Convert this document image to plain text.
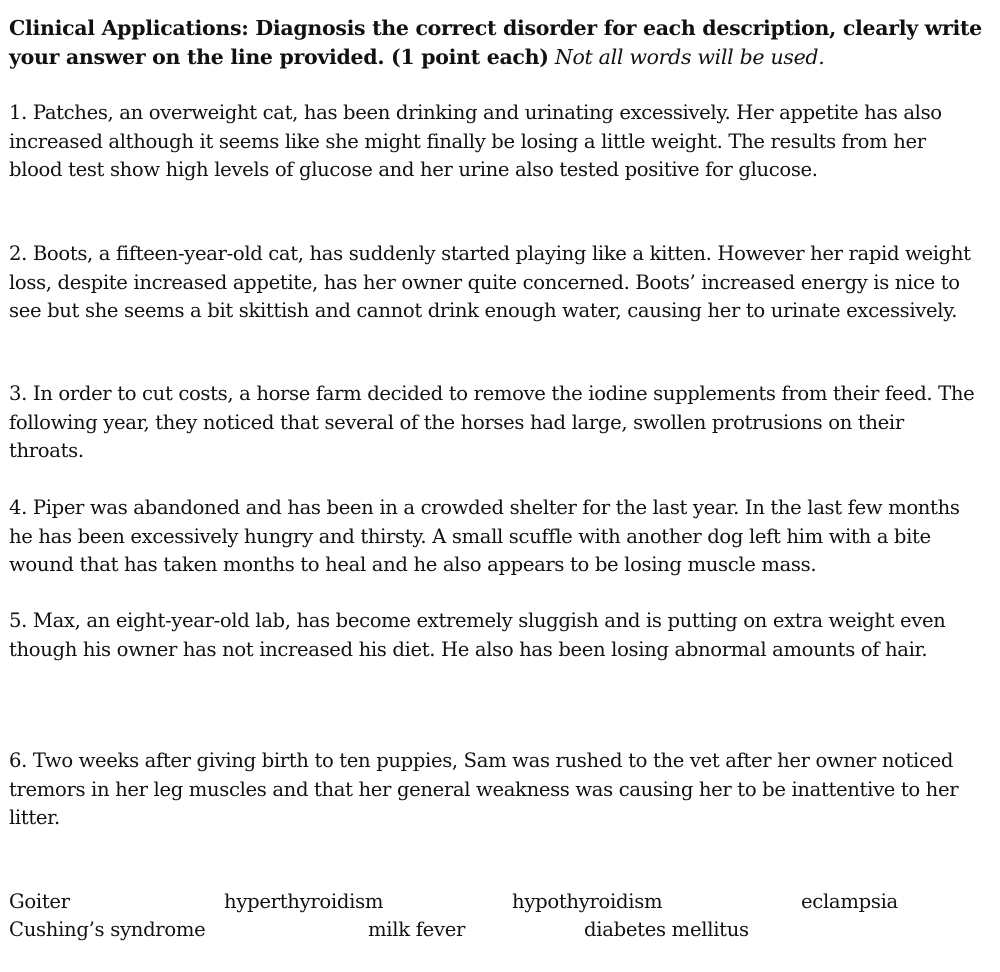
Clinical Applications: Diagnosis the correct disorder for each description, clearly write your answer on the line provided. (1 point each) Not all words will be used.

1. Patches, an overweight cat, has been drinking and urinating excessively. Her appetite has also increased although it seems like she might finally be losing a little weight. The results from her blood test show high levels of glucose and her urine also tested positive for glucose.

2. Boots, a fifteen-year-old cat, has suddenly started playing like a kitten. However her rapid weight loss, despite increased appetite, has her owner quite concerned. Boots’ increased energy is nice to see but she seems a bit skittish and cannot drink enough water, causing her to urinate excessively.

3. In order to cut costs, a horse farm decided to remove the iodine supplements from their feed. The following year, they noticed that several of the horses had large, swollen protrusions on their throats.

4. Piper was abandoned and has been in a crowded shelter for the last year. In the last few months he has been excessively hungry and thirsty. A small scuffle with another dog left him with a bite wound that has taken months to heal and he also appears to be losing muscle mass.

5. Max, an eight-year-old lab, has become extremely sluggish and is putting on extra weight even though his owner has not increased his diet. He also has been losing abnormal amounts of hair.

6. Two weeks after giving birth to ten puppies, Sam was rushed to the vet after her owner noticed tremors in her leg muscles and that her general weakness was causing her to be inattentive to her litter.

Goiter	hyperthyroidism	hypothyroidism	eclampsia
Cushing’s syndrome	milk fever	diabetes mellitus
